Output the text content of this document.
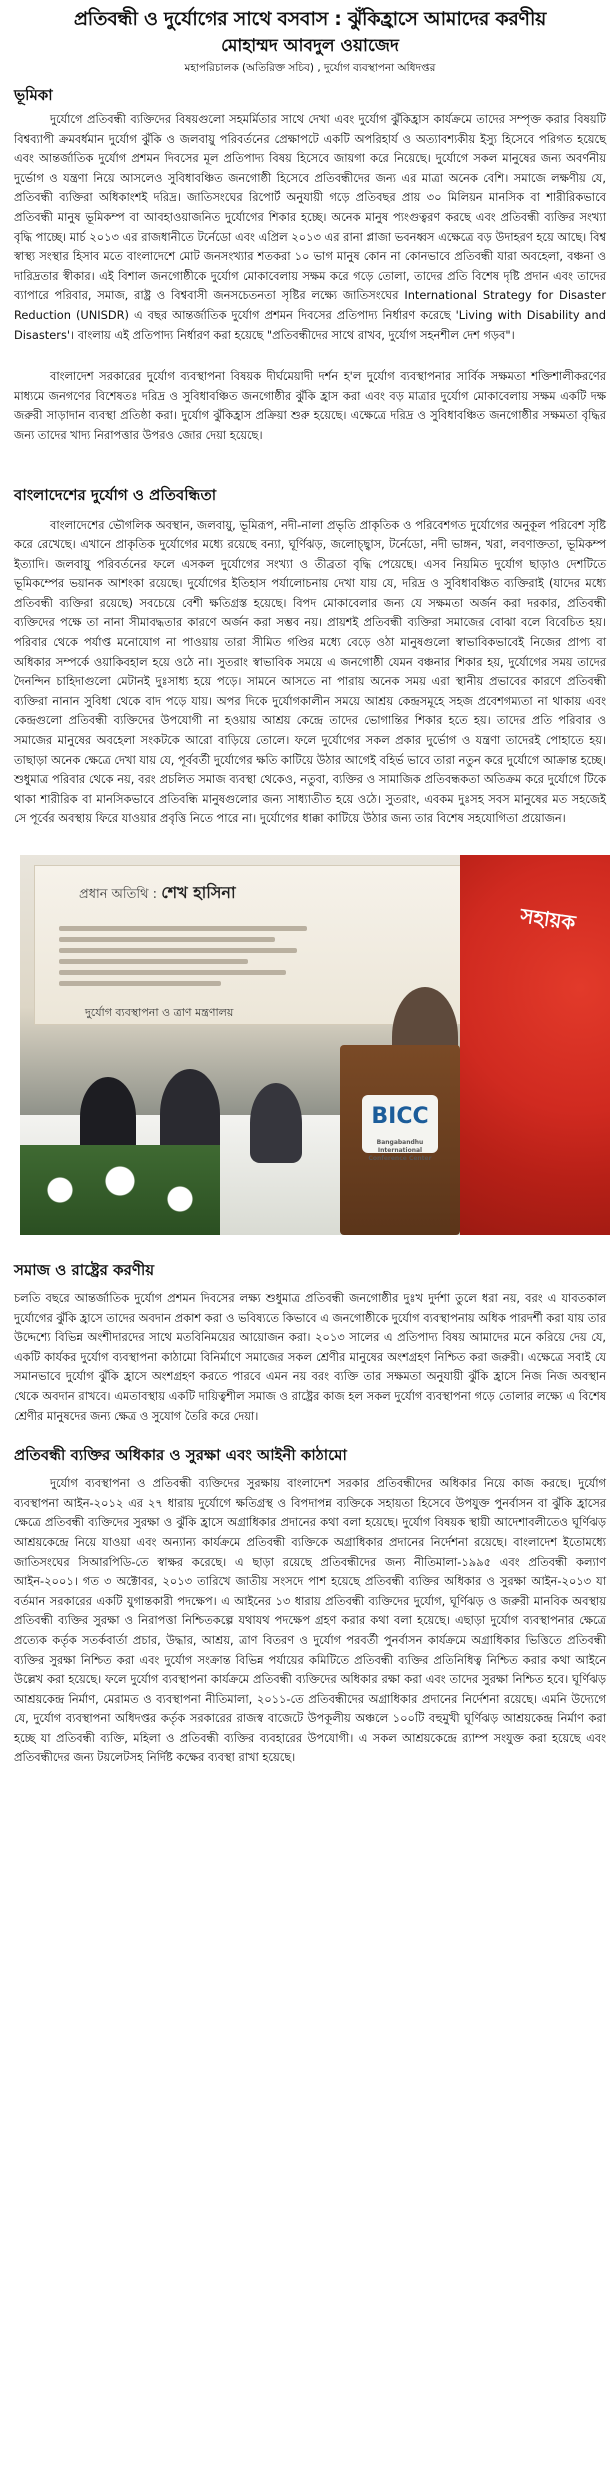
প্রতিবন্ধী ও দুর্যোগের সাথে বসবাস : ঝুঁকিহ্রাসে আমাদের করণীয়
মোহাম্মদ আবদুল ওয়াজেদ
মহাপরিচালক (অতিরিক্ত সচিব) , দুর্যোগ ব্যবস্থাপনা অধিদপ্তর
ভূমিকা

দুর্যোগে প্রতিবন্ধী ব্যক্তিদের বিষয়গুলো সহমর্মিতার সাথে দেখা এবং দুর্যোগ ঝুঁকিহ্রাস কার্যক্রমে তাদের সম্পৃক্ত করার বিষয়টি বিশ্বব্যাপী ক্রমবর্ধমান দুর্যোগ ঝুঁকি ও জলবায়ু পরিবর্তনের প্রেক্ষাপটে একটি অপরিহার্য ও অত্যাবশ্যকীয় ইস্যু হিসেবে পরিগত হয়েছে এবং আন্তর্জাতিক দুর্যোগ প্রশমন দিবসের মূল প্রতিপাদ্য বিষয় হিসেবে জায়গা করে নিয়েছে। দুর্যোগে সকল মানুষের জন্য অবর্ণনীয় দুর্ভোগ ও যন্ত্রণা নিয়ে আসলেও সুবিধাবঞ্চিত জনগোষ্ঠী হিসেবে প্রতিবন্ধীদের জন্য এর মাত্রা অনেক বেশি। সমাজে লক্ষণীয় যে, প্রতিবন্ধী ব্যক্তিরা অধিকাংশই দরিদ্র। জাতিসংঘের রিপোর্ট অনুযায়ী গড়ে প্রতিবছর প্রায় ৩০ মিলিয়ন মানসিক বা শারীরিকভাবে প্রতিবন্ধী মানুষ ভূমিকম্প বা আবহাওয়াজনিত দুর্যোগের শিকার হচ্ছে। অনেক মানুষ প্যংগুত্বরণ করছে এবং প্রতিবন্ধী ব্যক্তির সংখ্যা বৃদ্ধি পাচ্ছে। মার্চ ২০১৩ এর রাজধানীতে টর্নেডো এবং এপ্রিল ২০১৩ এর রানা প্লাজা ভবনধ্বস এক্ষেত্রে বড় উদাহরণ হয়ে আছে। বিশ্ব স্বাস্থ্য সংস্থার হিসাব মতে বাংলাদেশে মোট জনসংখ্যার শতকরা ১০ ভাগ মানুষ কোন না কোনভাবে প্রতিবন্ধী যারা অবহেলা, বঞ্চনা ও দারিদ্রতার স্বীকার। এই বিশাল জনগোষ্ঠীকে দুর্যোগ মোকাবেলায় সক্ষম করে গড়ে তোলা, তাদের প্রতি বিশেষ দৃষ্টি প্রদান এবং তাদের ব্যাপারে পরিবার, সমাজ, রাষ্ট্র ও বিশ্ববাসী জনসচেতনতা সৃষ্টির লক্ষ্যে জাতিসংঘের International Strategy for Disaster Reduction (UNISDR) এ বছর আন্তর্জাতিক দুর্যোগ প্রশমন দিবসের প্রতিপাদ্য নির্ধারণ করেছে 'Living with Disability and Disasters'। বাংলায় এই প্রতিপাদ্য নির্ধারণ করা হয়েছে "প্রতিবন্ধীদের সাথে রাখব, দুর্যোগ সহনশীল দেশ গড়ব"।

বাংলাদেশ সরকারের দুর্যোগ ব্যবস্থাপনা বিষয়ক দীর্ঘমেয়াদী দর্শন হ'ল দুর্যোগ ব্যবস্থাপনার সার্বিক সক্ষমতা শক্তিশালীকরণের মাধ্যমে জনগণের বিশেষতঃ দরিদ্র ও সুবিধাবঞ্চিত জনগোষ্ঠীর ঝুঁকি হ্রাস করা এবং বড় মাত্রার দুর্যোগ মোকাবেলায় সক্ষম একটি দক্ষ জরুরী সাড়াদান ব্যবস্থা প্রতিষ্ঠা করা। দুর্যোগ ঝুঁকিহ্রাস প্রক্রিয়া শুরু হয়েছে। এক্ষেত্রে দরিদ্র ও সুবিধাবঞ্চিত জনগোষ্ঠীর সক্ষমতা বৃদ্ধির জন্য তাদের খাদ্য নিরাপত্তার উপরও জোর দেয়া হয়েছে।

বাংলাদেশের দুর্যোগ ও প্রতিবন্ধিতা

বাংলাদেশের ভৌগলিক অবস্থান, জলবায়ু, ভূমিরূপ, নদী-নালা প্রভৃতি প্রাকৃতিক ও পরিবেশগত দুর্যোগের অনুকূল পরিবেশ সৃষ্টি করে রেখেছে। এখানে প্রাকৃতিক দুর্যোগের মধ্যে রয়েছে বন্যা, ঘূর্ণিঝড়, জলোচ্ছ্বাস, টর্নেডো, নদী ভাঙ্গন, খরা, লবণাক্ততা, ভূমিকম্প ইত্যাদি। জলবায়ু পরিবর্তনের ফলে এসকল দুর্যোগের সংখ্যা ও তীব্রতা বৃদ্ধি পেয়েছে। এসব নিয়মিত দুর্যোগ ছাড়াও দেশটিতে ভূমিকম্পের ভয়ানক আশংকা রয়েছে। দুর্যোগের ইতিহাস পর্যালোচনায় দেখা যায় যে, দরিদ্র ও সুবিধাবঞ্চিত ব্যক্তিরাই (যাদের মধ্যে প্রতিবন্ধী ব্যক্তিরা রয়েছে) সবচেয়ে বেশী ক্ষতিগ্রস্ত হয়েছে। বিপদ মোকাবেলার জন্য যে সক্ষমতা অর্জন করা দরকার, প্রতিবন্ধী ব্যক্তিদের পক্ষে তা নানা সীমাবদ্ধতার কারণে অর্জন করা সম্ভব নয়। প্রায়শই প্রতিবন্ধী ব্যক্তিরা সমাজের বোঝা বলে বিবেচিত হয়। পরিবার থেকে পর্যাপ্ত মনোযোগ না পাওয়ায় তারা সীমিত গণ্ডির মধ্যে বেড়ে ওঠা মানুষগুলো স্বাভাবিকভাবেই নিজের প্রাপ্য বা অধিকার সম্পর্কে ওয়াকিবহাল হয়ে ওঠে না। সুতরাং স্বাভাবিক সময়ে এ জনগোষ্ঠী যেমন বঞ্চনার শিকার হয়, দুর্যোগের সময় তাদের দৈনন্দিন চাহিদাগুলো মেটানই দুঃসাধ্য হয়ে পড়ে। সামনে আসতে না পারায় অনেক সময় এরা স্থানীয় প্রভাবের কারণে প্রতিবন্ধী ব্যক্তিরা নানান সুবিধা থেকে বাদ পড়ে যায়। অপর দিকে দুর্যোগকালীন সময়ে আশ্রয় কেন্দ্রসমূহে সহজ প্রবেশগম্যতা না থাকায় এবং কেন্দ্রগুলো প্রতিবন্ধী ব্যক্তিদের উপযোগী না হওয়ায় আশ্রয় কেন্দ্রে তাদের ভোগান্তির শিকার হতে হয়। তাদের প্রতি পরিবার ও সমাজের মানুষের অবহেলা সংকটকে আরো বাড়িয়ে তোলে। ফলে দুর্যোগের সকল প্রকার দুর্ভোগ ও যন্ত্রণা তাদেরই পোহাতে হয়। তাছাড়া অনেক ক্ষেত্রে দেখা যায় যে, পূর্ববর্তী দুর্যোগের ক্ষতি কাটিয়ে উঠার আগেই বহির্ভ ভাবে তারা নতুন করে দুর্যোগে আক্রান্ত হচ্ছে। শুধুমাত্র পরিবার থেকে নয়, বরং প্রচলিত সমাজ ব্যবস্থা থেকেও, নতুবা, ব্যক্তির ও সামাজিক প্রতিবন্ধকতা অতিক্রম করে দুর্যোগে টিকে থাকা শারীরিক বা মানসিকভাবে প্রতিবন্ধি মানুষগুলোর জন্য সাধ্যাতীত হয়ে ওঠে। সুতরাং, এবকম দুঃসহ সবস মানুষের মত সহজেই সে পূর্বের অবস্থায় ফিরে যাওয়ার প্রবৃত্তি নিতে পারে না। দুর্যোগের ধাক্কা কাটিয়ে উঠার জন্য তার বিশেষ সহযোগিতা প্রয়োজন।

প্রধান অতিথি : শেখ হাসিনা
দুর্যোগ ব্যবস্থাপনা ও ত্রাণ মন্ত্রণালয়
সহায়ক
BICC
Bangabandhu International Conference Center
সমাজ ও রাষ্ট্রের করণীয়

চলতি বছরে আন্তর্জাতিক দুর্যোগ প্রশমন দিবসের লক্ষ্য শুধুমাত্র প্রতিবন্ধী জনগোষ্ঠীর দুঃখ দুর্দশা তুলে ধরা নয়, বরং এ যাবতকাল দুর্যোগের ঝুঁকি হ্রাসে তাদের অবদান প্রকাশ করা ও ভবিষ্যতে কিভাবে এ জনগোষ্ঠীকে দুর্যোগ ব্যবস্থাপনায় অধিক পারদর্শী করা যায় তার উদ্দেশ্যে বিভিন্ন অংশীদারদের সাথে মতবিনিময়ের আয়োজন করা। ২০১৩ সালের এ প্রতিপাদ্য বিষয় আমাদের মনে করিয়ে দেয় যে, একটি কার্যকর দুর্যোগ ব্যবস্থাপনা কাঠামো বিনির্মাণে সমাজের সকল শ্রেণীর মানুষের অংশগ্রহণ নিশ্চিত করা জরুরী। এক্ষেত্রে সবাই যে সমানভাবে দুর্যোগ ঝুঁকি হ্রাসে অংশগ্রহণ করতে পারবে এমন নয় বরং ব্যক্তি তার সক্ষমতা অনুযায়ী ঝুঁকি হ্রাসে নিজ নিজ অবস্থান থেকে অবদান রাখবে। এমতাবস্থায় একটি দায়িত্বশীল সমাজ ও রাষ্ট্রের কাজ হল সকল দুর্যোগ ব্যবস্থাপনা গড়ে তোলার লক্ষ্যে এ বিশেষ শ্রেণীর মানুষদের জন্য ক্ষেত্র ও সুযোগ তৈরি করে দেয়া।

প্রতিবন্ধী ব্যক্তির অধিকার ও সুরক্ষা এবং আইনী কাঠামো

দুর্যোগ ব্যবস্থাপনা ও প্রতিবন্ধী ব্যক্তিদের সুরক্ষায় বাংলাদেশ সরকার প্রতিবন্ধীদের অধিকার নিয়ে কাজ করছে। দুর্যোগ ব্যবস্থাপনা আইন-২০১২ এর ২৭ ধারায় দুর্যোগে ক্ষতিগ্রস্থ ও বিপদাপন্ন ব্যক্তিকে সহায়তা হিসেবে উপযুক্ত পুনর্বাসন বা ঝুঁকি হ্রাসের ক্ষেত্রে প্রতিবন্ধী ব্যক্তিদের সুরক্ষা ও ঝুঁকি হ্রাসে অগ্রাধিকার প্রদানের কথা বলা হয়েছে। দুর্যোগ বিষয়ক স্থায়ী আদেশাবলীতেও ঘূর্ণিঝড় আশ্রয়কেন্দ্রে নিয়ে যাওয়া এবং অন্যান্য কার্যক্রমে প্রতিবন্ধী ব্যক্তিকে অগ্রাধিকার প্রদানের নির্দেশনা রয়েছে। বাংলাদেশ ইতোমধ্যে জাতিসংঘের সিআরপিডি-তে স্বাক্ষর করেছে। এ ছাড়া রয়েছে প্রতিবন্ধীদের জন্য নীতিমালা-১৯৯৫ এবং প্রতিবন্ধী কল্যাণ আইন-২০০১। গত ৩ অক্টোবর, ২০১৩ তারিখে জাতীয় সংসদে পাশ হয়েছে প্রতিবন্ধী ব্যক্তির অধিকার ও সুরক্ষা আইন-২০১৩ যা বর্তমান সরকারের একটি যুগান্তকারী পদক্ষেপ। এ আইনের ১৩ ধারায় প্রতিবন্ধী ব্যক্তিদের দুর্যোগ, ঘূর্ণিঝড় ও জরুরী মানবিক অবস্থায় প্রতিবন্ধী ব্যক্তির সুরক্ষা ও নিরাপত্তা নিশ্চিতকল্পে যথাযথ পদক্ষেপ গ্রহণ করার কথা বলা হয়েছে। এছাড়া দুর্যোগ ব্যবস্থাপনার ক্ষেত্রে প্রত্যেক কর্তৃক সতর্কবার্তা প্রচার, উদ্ধার, আশ্রয়, ত্রাণ বিতরণ ও দুর্যোগ পরবর্তী পুনর্বাসন কার্যক্রমে অগ্রাধিকার ভিত্তিতে প্রতিবন্ধী ব্যক্তির সুরক্ষা নিশ্চিত করা এবং দুর্যোগ সংক্রান্ত বিভিন্ন পর্যায়ের কমিটিতে প্রতিবন্ধী ব্যক্তির প্রতিনিধিত্ব নিশ্চিত করার কথা আইনে উল্লেখ করা হয়েছে। ফলে দুর্যোগ ব্যবস্থাপনা কার্যক্রমে প্রতিবন্ধী ব্যক্তিদের অধিকার রক্ষা করা এবং তাদের সুরক্ষা নিশ্চিত হবে। ঘূর্ণিঝড় আশ্রয়কেন্দ্র নির্মাণ, মেরামত ও ব্যবস্থাপনা নীতিমালা, ২০১১-তে প্রতিবন্ধীদের অগ্রাধিকার প্রদানের নির্দেশনা রয়েছে। এমনি উদ্যেগে যে, দুর্যোগ ব্যবস্থাপনা অধিদপ্তর কর্তৃক সরকারের রাজস্ব বাজেটে উপকূলীয় অঞ্চলে ১০০টি বহুমুখী ঘূর্ণিঝড় আশ্রয়কেন্দ্র নির্মাণ করা হচ্ছে যা প্রতিবন্ধী ব্যক্তি, মহিলা ও প্রতিবন্ধী ব্যক্তির ব্যবহারের উপযোগী। এ সকল আশ্রয়কেন্দ্রে র‍্যাম্প সংযুক্ত করা হয়েছে এবং প্রতিবন্ধীদের জন্য টয়লেটসহ নির্দিষ্ট কক্ষের ব্যবস্থা রাখা হয়েছে।
